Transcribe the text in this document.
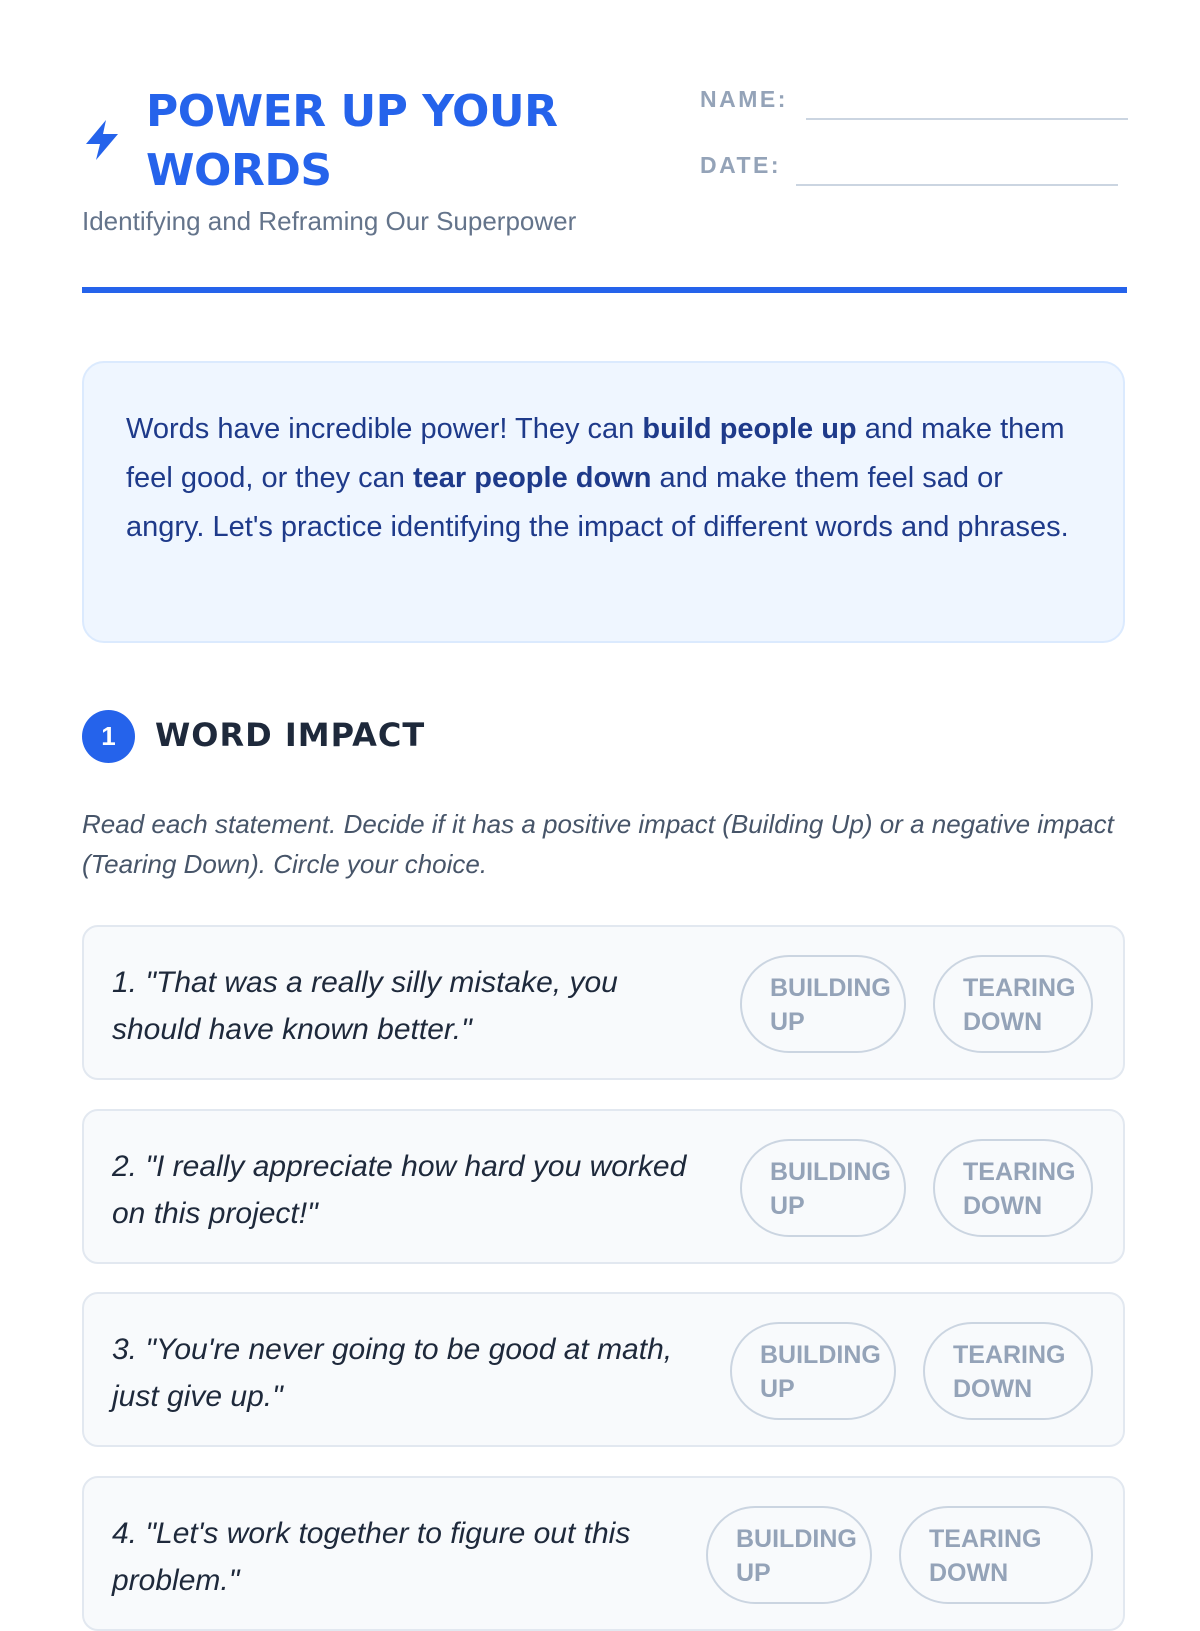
POWER UP YOUR WORDS
Identifying and Reframing Our Superpower
NAME:
DATE:
Words have incredible power! They can build people up and make them feel good, or they can tear people down and make them feel sad or angry. Let's practice identifying the impact of different words and phrases.
1	WORD IMPACT
Read each statement. Decide if it has a positive impact (Building Up) or a negative impact (Tearing Down). Circle your choice.
1. "That was a really silly mistake, you should have known better."
BUILDING UP
TEARING DOWN
2. "I really appreciate how hard you worked on this project!"
BUILDING UP
TEARING DOWN
3. "You're never going to be good at math, just give up."
BUILDING UP
TEARING DOWN
4. "Let's work together to figure out this problem."
BUILDING UP
TEARING DOWN
